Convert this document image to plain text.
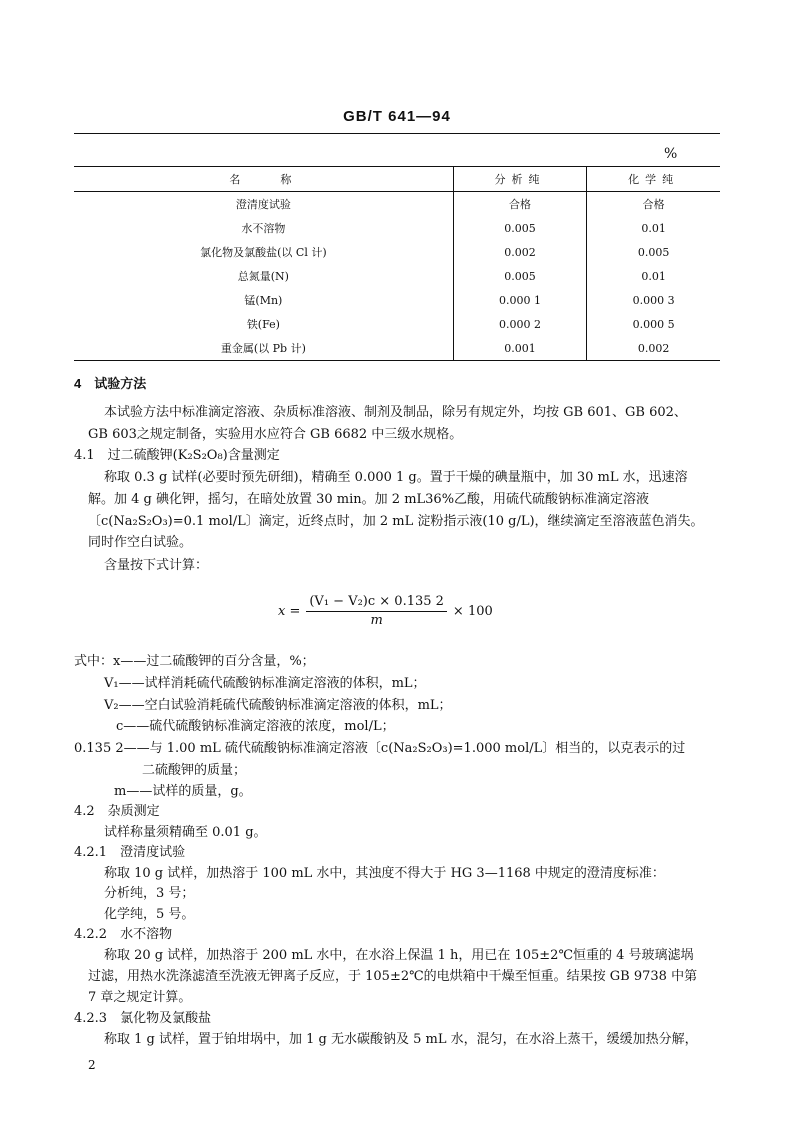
GB/T 641—94
%
名　　称	分析纯	化学纯
澄清度试验	合格	合格
水不溶物	0.005	0.01
氯化物及氯酸盐(以 Cl 计)	0.002	0.005
总氮量(N)	0.005	0.01
锰(Mn)	0.000 1	0.000 3
铁(Fe)	0.000 2	0.000 5
重金属(以 Pb 计)	0.001	0.002
4　试验方法
本试验方法中标准滴定溶液、杂质标准溶液、制剂及制品，除另有规定外，均按 GB 601、GB 602、
GB 603之规定制备，实验用水应符合 GB 6682 中三级水规格。
4.1　过二硫酸钾(K₂S₂O₈)含量测定
称取 0.3 g 试样(必要时预先研细)，精确至 0.000 1 g。置于干燥的碘量瓶中，加 30 mL 水，迅速溶
解。加 4 g 碘化钾，摇匀，在暗处放置 30 min。加 2 mL36%乙酸，用硫代硫酸钠标准滴定溶液
〔c(Na₂S₂O₃)=0.1 mol/L〕滴定，近终点时，加 2 mL 淀粉指示液(10 g/L)，继续滴定至溶液蓝色消失。
同时作空白试验。
含量按下式计算：
$x = \frac{\text{(V₁ − V₂)c × 0.135 2}}{m} \times 100$
式中：x——过二硫酸钾的百分含量，%；
V₁——试样消耗硫代硫酸钠标准滴定溶液的体积，mL；
V₂——空白试验消耗硫代硫酸钠标准滴定溶液的体积，mL；
c——硫代硫酸钠标准滴定溶液的浓度，mol/L；
0.135 2——与 1.00 mL 硫代硫酸钠标准滴定溶液〔c(Na₂S₂O₃)=1.000 mol/L〕相当的，以克表示的过
二硫酸钾的质量；
m——试样的质量，g。
4.2　杂质测定
试样称量须精确至 0.01 g。
4.2.1　澄清度试验
称取 10 g 试样，加热溶于 100 mL 水中，其浊度不得大于 HG 3—1168 中规定的澄清度标准：
分析纯，3 号；
化学纯，5 号。
4.2.2　水不溶物
称取 20 g 试样，加热溶于 200 mL 水中，在水浴上保温 1 h，用已在 105±2℃恒重的 4 号玻璃滤埚
过滤，用热水洗涤滤渣至洗液无钾离子反应，于 105±2℃的电烘箱中干燥至恒重。结果按 GB 9738 中第
7 章之规定计算。
4.2.3　氯化物及氯酸盐
称取 1 g 试样，置于铂坩埚中，加 1 g 无水碳酸钠及 5 mL 水，混匀，在水浴上蒸干，缓缓加热分解，
2
